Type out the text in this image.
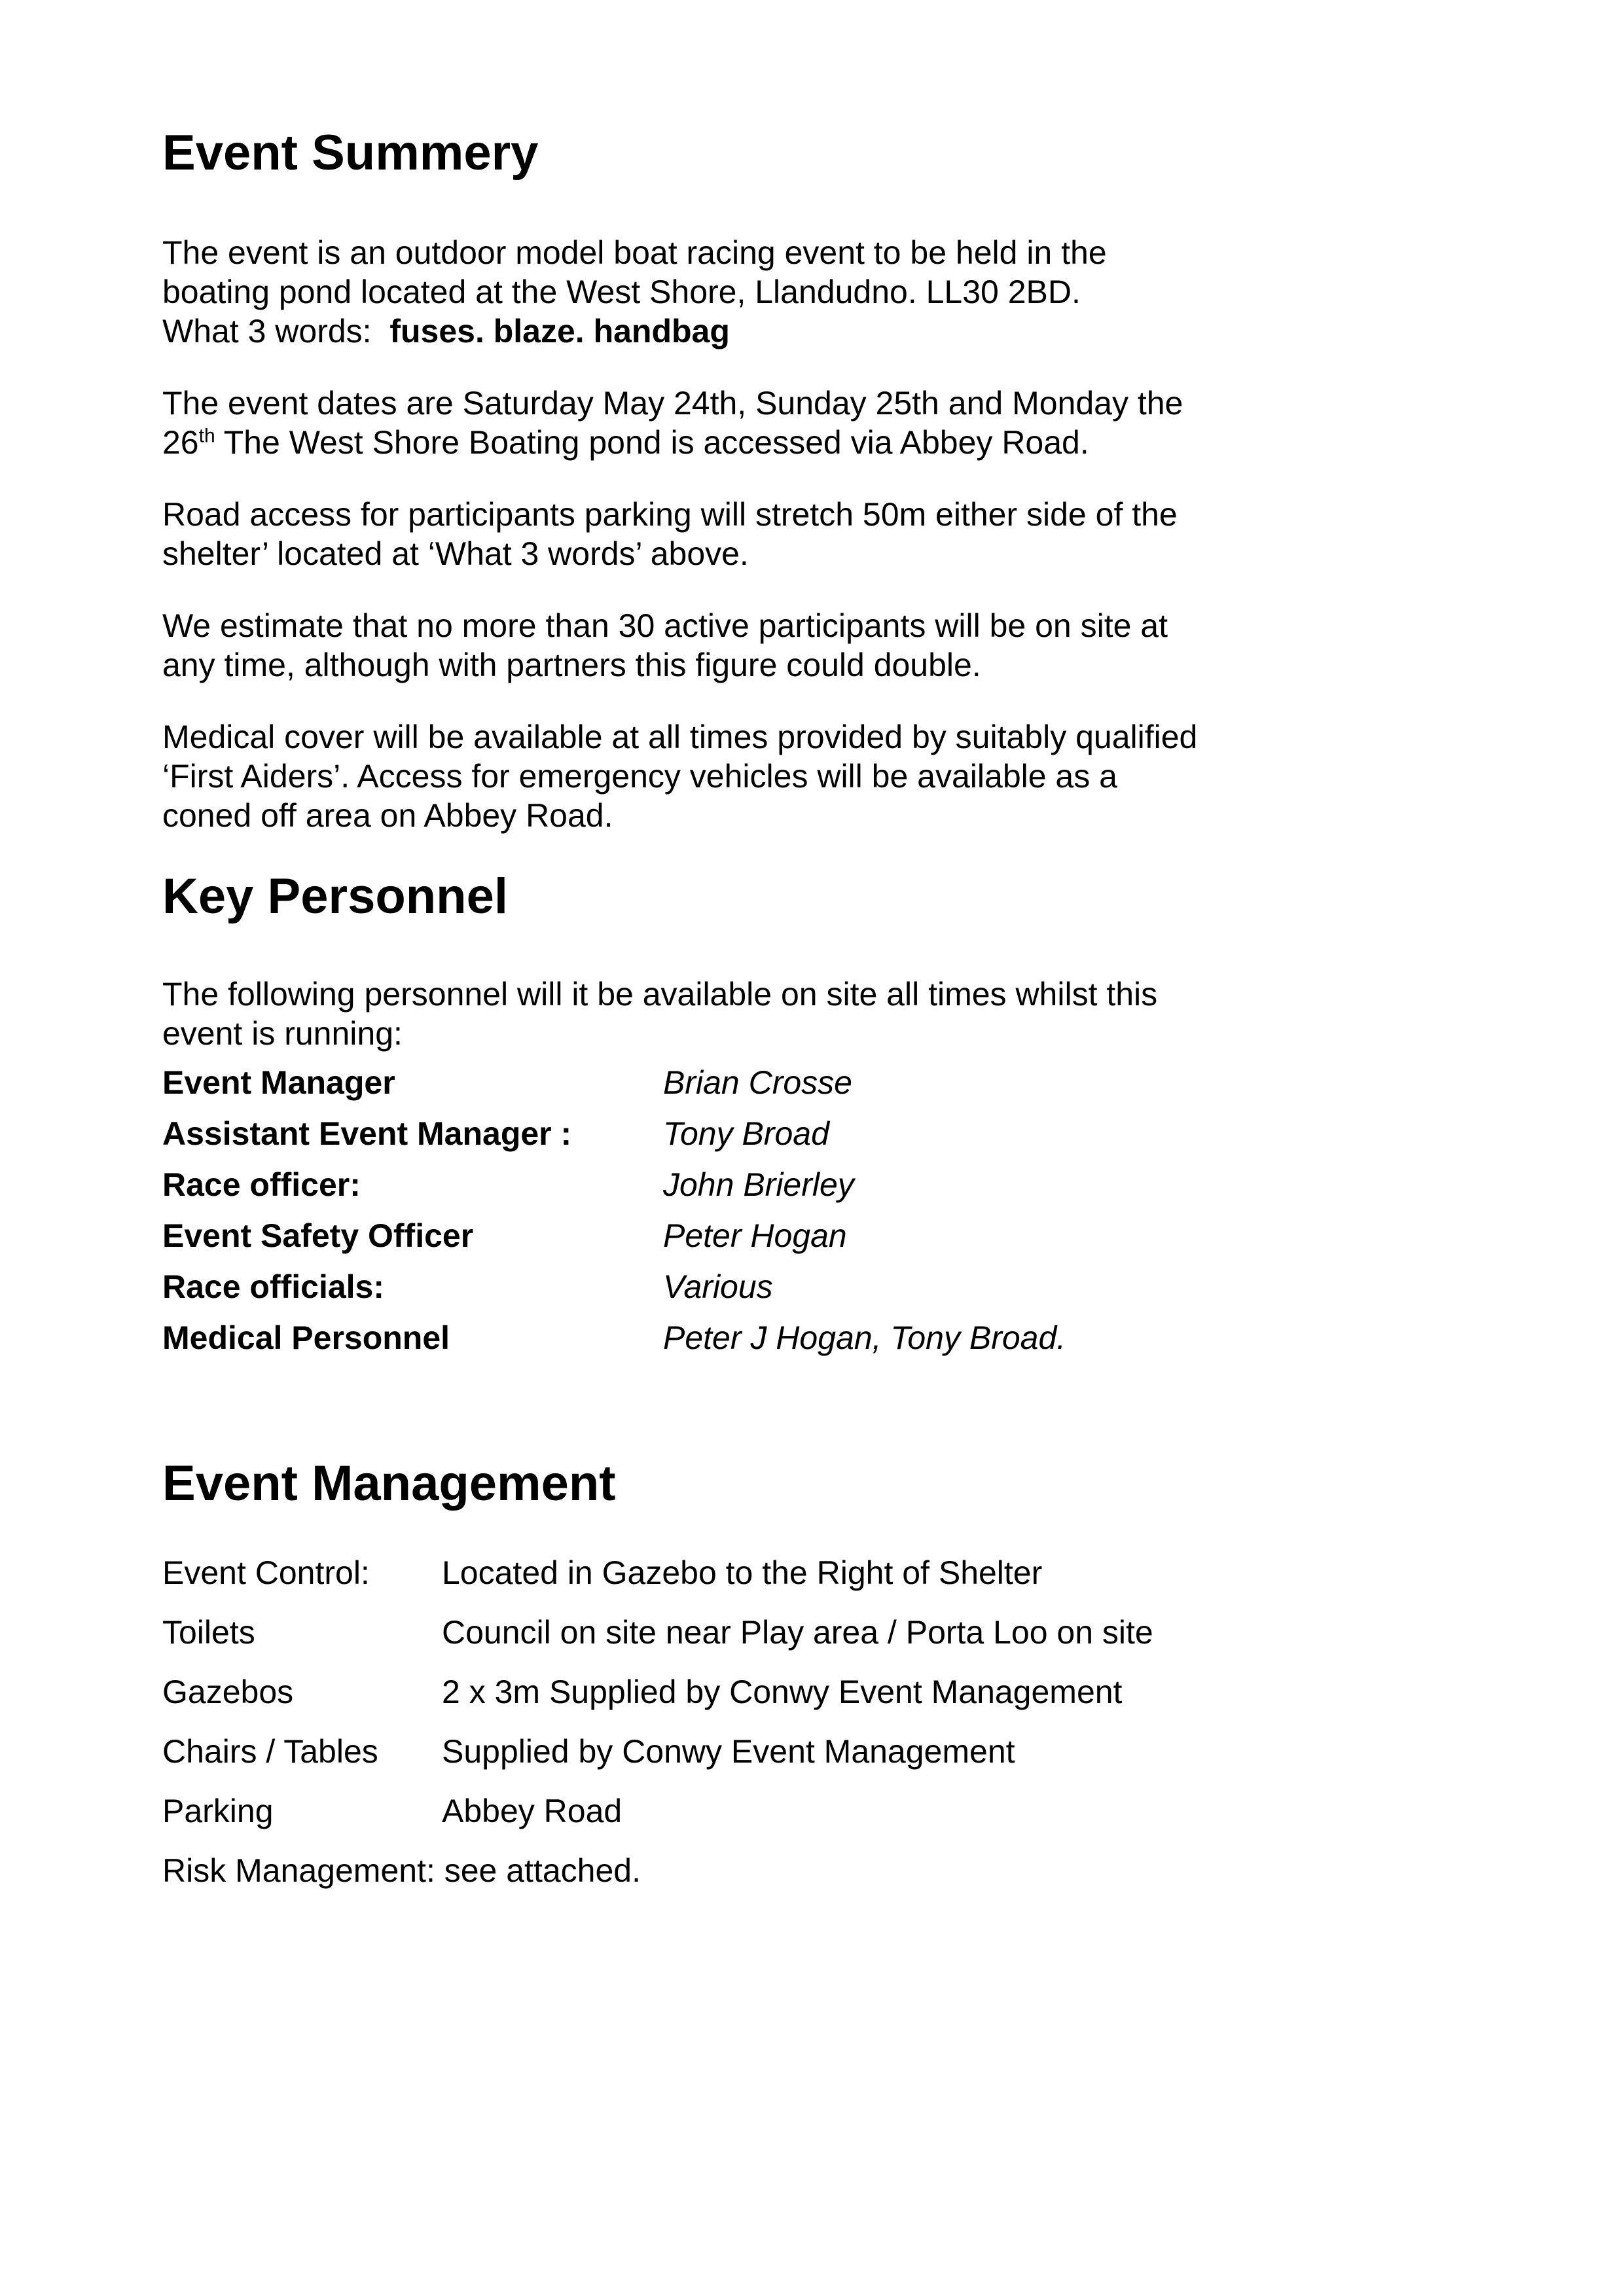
Event Summery

The event is an outdoor model boat racing event to be held in the
boating pond located at the West Shore, Llandudno. LL30 2BD.
What 3 words:  fuses. blaze. handbag

The event dates are Saturday May 24th, Sunday 25th and Monday the
26th The West Shore Boating pond is accessed via Abbey Road.

Road access for participants parking will stretch 50m either side of the
shelter’ located at ‘What 3 words’ above.

We estimate that no more than 30 active participants will be on site at
any time, although with partners this figure could double.

Medical cover will be available at all times provided by suitably qualified
‘First Aiders’. Access for emergency vehicles will be available as a
coned off area on Abbey Road.

Key Personnel
The following personnel will it be available on site all times whilst this
event is running:
Event Manager	Brian Crosse
Assistant Event Manager :	Tony Broad
Race officer:	John Brierley
Event Safety Officer	Peter Hogan
Race officials:	Various
Medical Personnel	Peter J Hogan, Tony Broad.
Event Management
Event Control:	Located in Gazebo to the Right of Shelter
Toilets	Council on site near Play area / Porta Loo on site
Gazebos	2 x 3m Supplied by Conwy Event Management
Chairs / Tables	Supplied by Conwy Event Management
Parking	Abbey Road
Risk Management: see attached.
